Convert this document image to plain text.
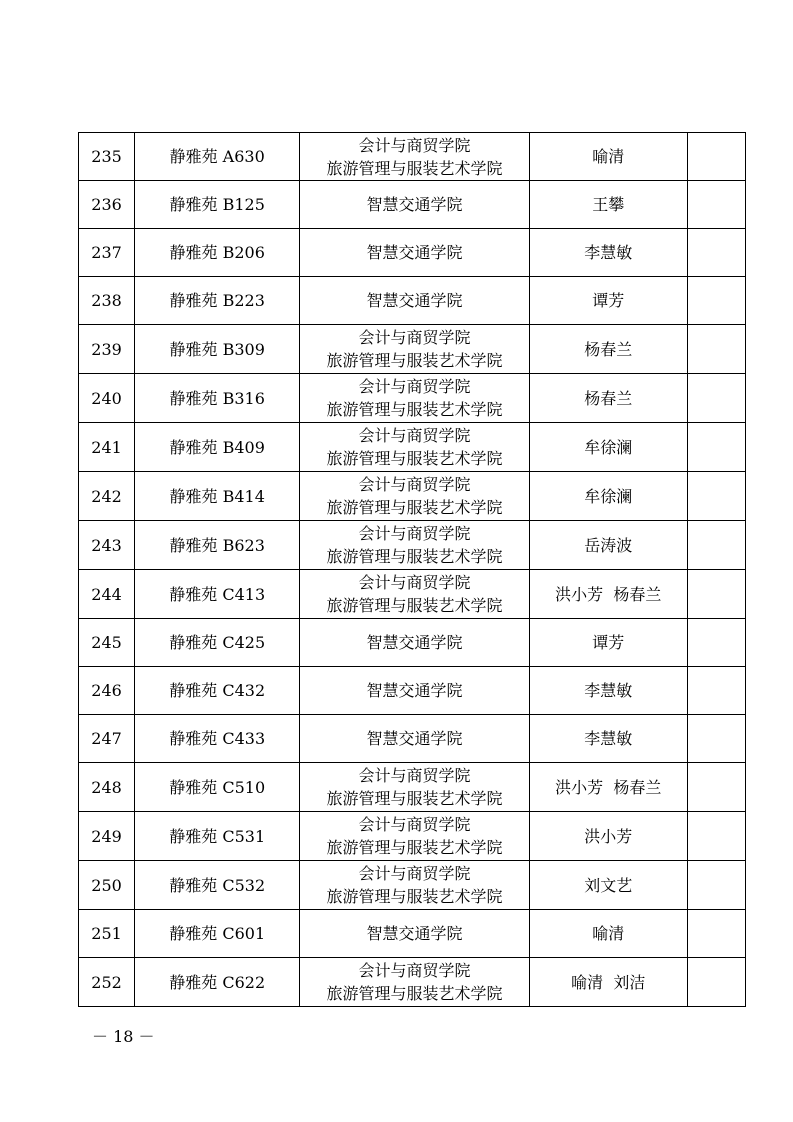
235	静雅苑 A630	会计与商贸学院
旅游管理与服装艺术学院	喻清	
236	静雅苑 B125	智慧交通学院	王攀	
237	静雅苑 B206	智慧交通学院	李慧敏	
238	静雅苑 B223	智慧交通学院	谭芳	
239	静雅苑 B309	会计与商贸学院
旅游管理与服装艺术学院	杨春兰	
240	静雅苑 B316	会计与商贸学院
旅游管理与服装艺术学院	杨春兰	
241	静雅苑 B409	会计与商贸学院
旅游管理与服装艺术学院	牟徐澜	
242	静雅苑 B414	会计与商贸学院
旅游管理与服装艺术学院	牟徐澜	
243	静雅苑 B623	会计与商贸学院
旅游管理与服装艺术学院	岳涛波	
244	静雅苑 C413	会计与商贸学院
旅游管理与服装艺术学院	洪小芳  杨春兰	
245	静雅苑 C425	智慧交通学院	谭芳	
246	静雅苑 C432	智慧交通学院	李慧敏	
247	静雅苑 C433	智慧交通学院	李慧敏	
248	静雅苑 C510	会计与商贸学院
旅游管理与服装艺术学院	洪小芳  杨春兰	
249	静雅苑 C531	会计与商贸学院
旅游管理与服装艺术学院	洪小芳	
250	静雅苑 C532	会计与商贸学院
旅游管理与服装艺术学院	刘文艺	
251	静雅苑 C601	智慧交通学院	喻清	
252	静雅苑 C622	会计与商贸学院
旅游管理与服装艺术学院	喻清  刘洁	
－ 18 －
